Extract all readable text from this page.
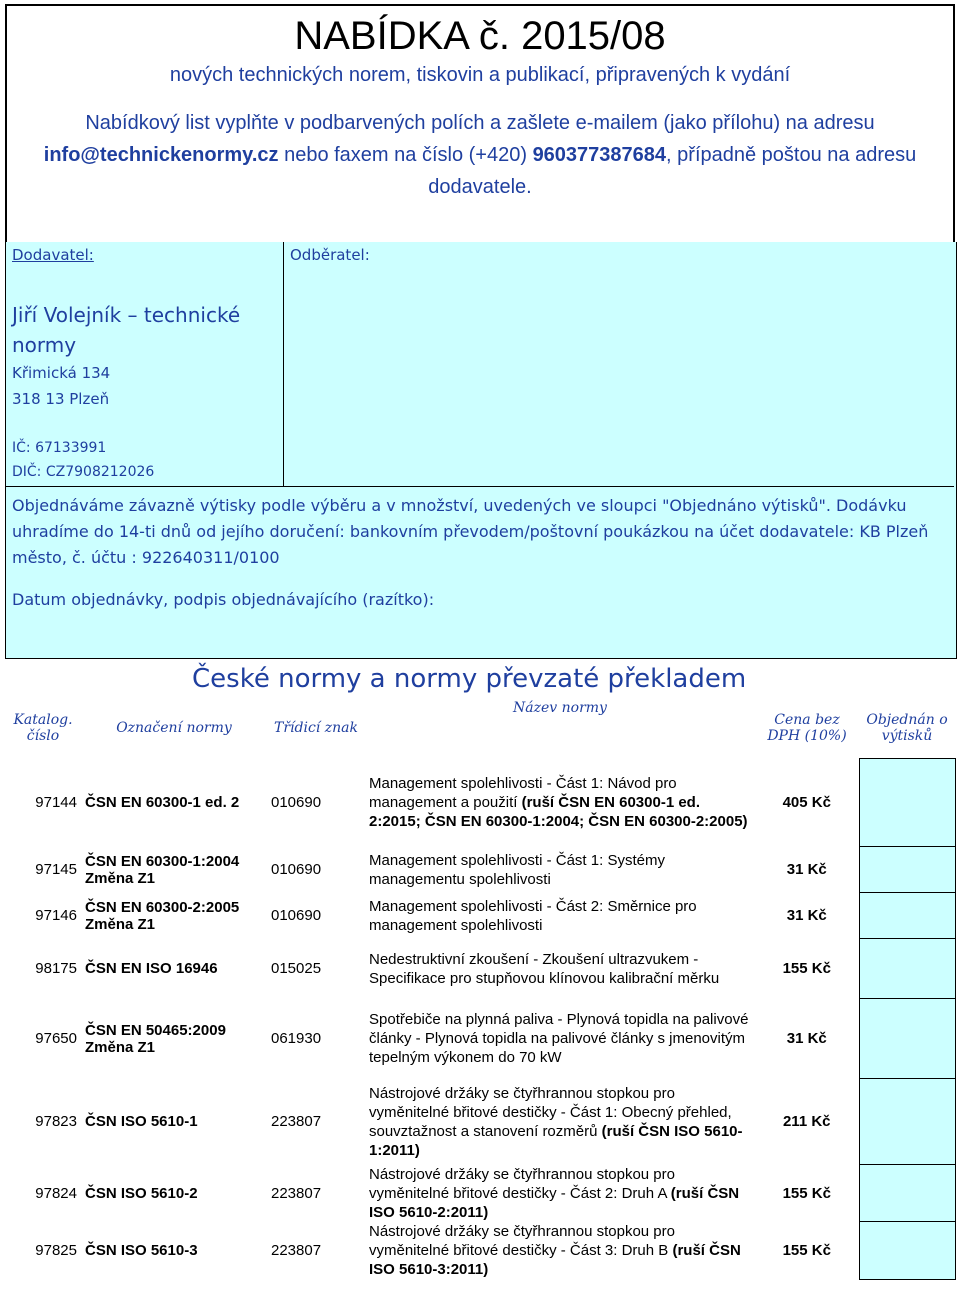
NABÍDKA č. 2015/08
nových technických norem, tiskovin a publikací, připravených k vydání
Nabídkový list vyplňte v podbarvených polích a zašlete e-mailem (jako přílohu) na adresu info@technickenormy.cz nebo faxem na číslo (+420) 960377387684, případně poštou na adresu dodavatele.
Dodavatel:
Jiří Volejník – technické normy
Křimická 134
318 13 Plzeň
IČ: 67133991
DIČ: CZ7908212026
Odběratel:
Objednáváme závazně výtisky podle výběru a v množství, uvedených ve sloupci "Objednáno výtisků". Dodávku uhradíme do 14-ti dnů od jejího doručení: bankovním převodem/poštovní poukázkou na účet dodavatele: KB Plzeň město, č. účtu : 922640311/0100
Datum objednávky, podpis objednávajícího (razítko):
České normy a normy převzaté překladem
Katalog. číslo	Označení normy	Třídicí znak	Název normy	Cena bez DPH (10%)	Objednán o výtisků
97144	ČSN EN 60300-1 ed. 2	010690	Management spolehlivosti - Část 1: Návod pro management a použití (ruší ČSN EN 60300-1 ed. 2:2015; ČSN EN 60300-1:2004; ČSN EN 60300-2:2005)	405 Kč	
97145	ČSN EN 60300-1:2004 Změna Z1	010690	Management spolehlivosti - Část 1: Systémy managementu spolehlivosti	31 Kč	
97146	ČSN EN 60300-2:2005 Změna Z1	010690	Management spolehlivosti - Část 2: Směrnice pro management spolehlivosti	31 Kč	
98175	ČSN EN ISO 16946	015025	Nedestruktivní zkoušení - Zkoušení ultrazvukem - Specifikace pro stupňovou klínovou kalibrační měrku	155 Kč	
97650	ČSN EN 50465:2009 Změna Z1	061930	Spotřebiče na plynná paliva - Plynová topidla na palivové články - Plynová topidla na palivové články s jmenovitým tepelným výkonem do 70 kW	31 Kč	
97823	ČSN ISO 5610-1	223807	Nástrojové držáky se čtyřhrannou stopkou pro vyměnitelné břitové destičky - Část 1: Obecný přehled, souvztažnost a stanovení rozměrů (ruší ČSN ISO 5610-1:2011)	211 Kč	
97824	ČSN ISO 5610-2	223807	Nástrojové držáky se čtyřhrannou stopkou pro vyměnitelné břitové destičky - Část 2: Druh A (ruší ČSN ISO 5610-2:2011)	155 Kč	
97825	ČSN ISO 5610-3	223807	Nástrojové držáky se čtyřhrannou stopkou pro vyměnitelné břitové destičky - Část 3: Druh B (ruší ČSN ISO 5610-3:2011)	155 Kč	
